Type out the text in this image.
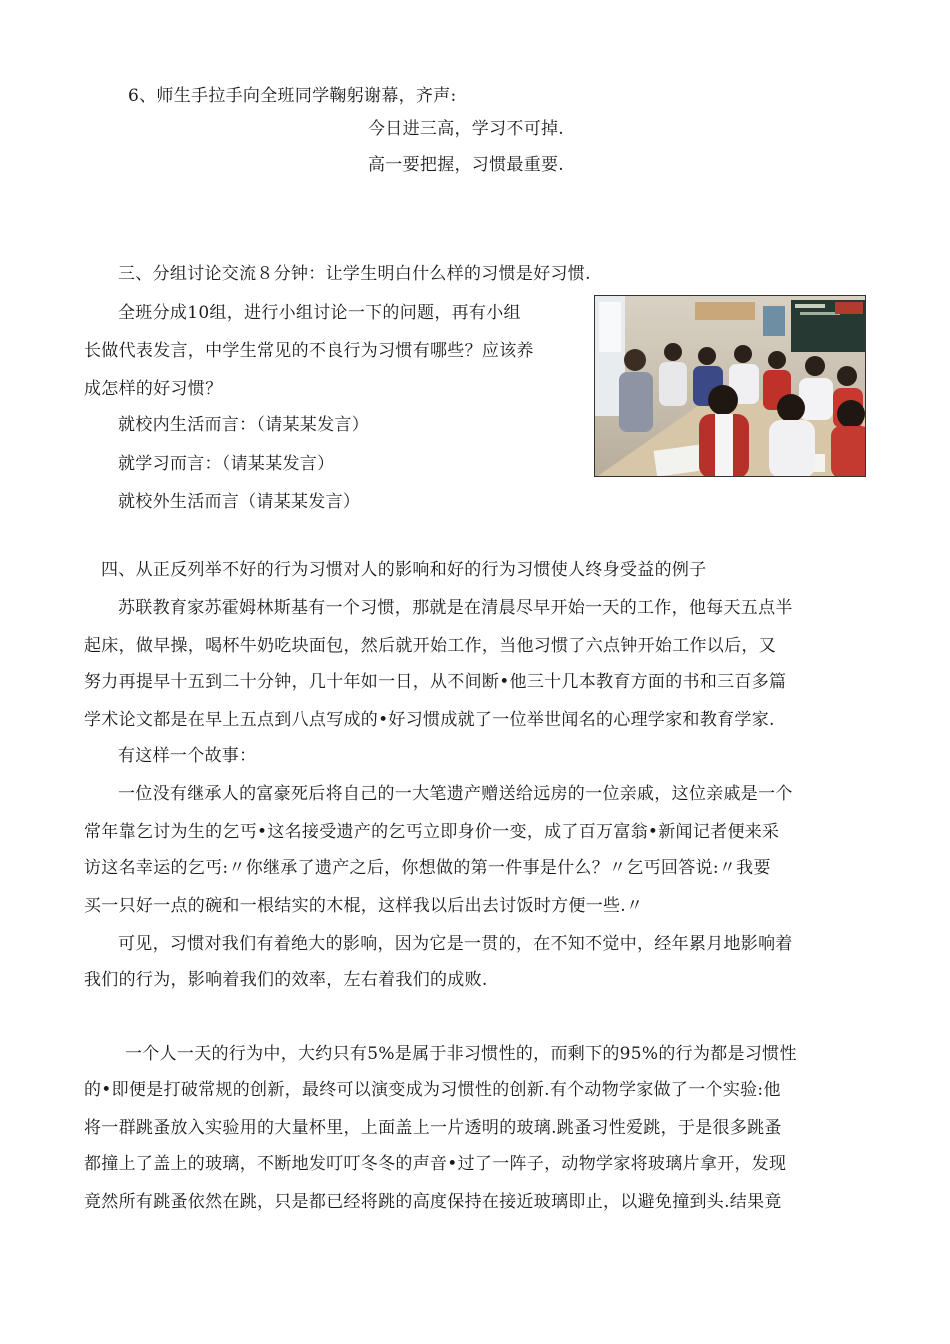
6、师生手拉手向全班同学鞠躬谢幕，齐声:
今日进三高，学习不可掉.
高一要把握，习惯最重要.
三、分组讨论交流８分钟：让学生明白什么样的习惯是好习惯.
全班分成10组，进行小组讨论一下的问题，再有小组
长做代表发言，中学生常见的不良行为习惯有哪些？应该养
成怎样的好习惯？
就校内生活而言：（请某某发言）
就学习而言：（请某某发言）
就校外生活而言（请某某发言）
四、从正反列举不好的行为习惯对人的影响和好的行为习惯使人终身受益的例子
苏联教育家苏霍姆林斯基有一个习惯，那就是在清晨尽早开始一天的工作，他每天五点半
起床，做早操，喝杯牛奶吃块面包，然后就开始工作，当他习惯了六点钟开始工作以后，又
努力再提早十五到二十分钟，几十年如一日，从不间断•他三十几本教育方面的书和三百多篇
学术论文都是在早上五点到八点写成的•好习惯成就了一位举世闻名的心理学家和教育学家.
有这样一个故事：
一位没有继承人的富豪死后将自己的一大笔遗产赠送给远房的一位亲戚，这位亲戚是一个
常年靠乞讨为生的乞丐•这名接受遗产的乞丐立即身价一变，成了百万富翁•新闻记者便来采
访这名幸运的乞丐:〃你继承了遗产之后，你想做的第一件事是什么？〃乞丐回答说:〃我要
买一只好一点的碗和一根结实的木棍，这样我以后出去讨饭时方便一些.〃
可见，习惯对我们有着绝大的影响，因为它是一贯的，在不知不觉中，经年累月地影响着
我们的行为，影响着我们的效率，左右着我们的成败.
一个人一天的行为中，大约只有5%是属于非习惯性的，而剩下的95%的行为都是习惯性
的•即便是打破常规的创新，最终可以演变成为习惯性的创新.有个动物学家做了一个实验:他
将一群跳蚤放入实验用的大量杯里，上面盖上一片透明的玻璃.跳蚤习性爱跳，于是很多跳蚤
都撞上了盖上的玻璃，不断地发叮叮冬冬的声音•过了一阵子，动物学家将玻璃片拿开，发现
竟然所有跳蚤依然在跳，只是都已经将跳的高度保持在接近玻璃即止，以避免撞到头.结果竟
